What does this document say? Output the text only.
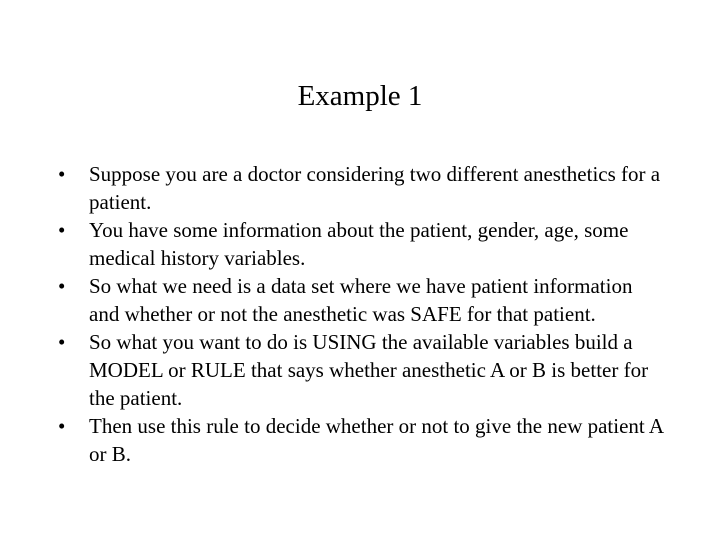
Example 1
•	Suppose you are a doctor considering two different anesthetics for a patient.
•	You have some information about the patient, gender, age, some medical history variables.
•	So what we need is a data set where we have patient information and whether or not the anesthetic was SAFE for that patient.
•	So what you want to do is USING the available variables build a MODEL or RULE that says whether anesthetic A or B is better for the patient.
•	Then use this rule to decide whether or not to give the new patient A or B.
